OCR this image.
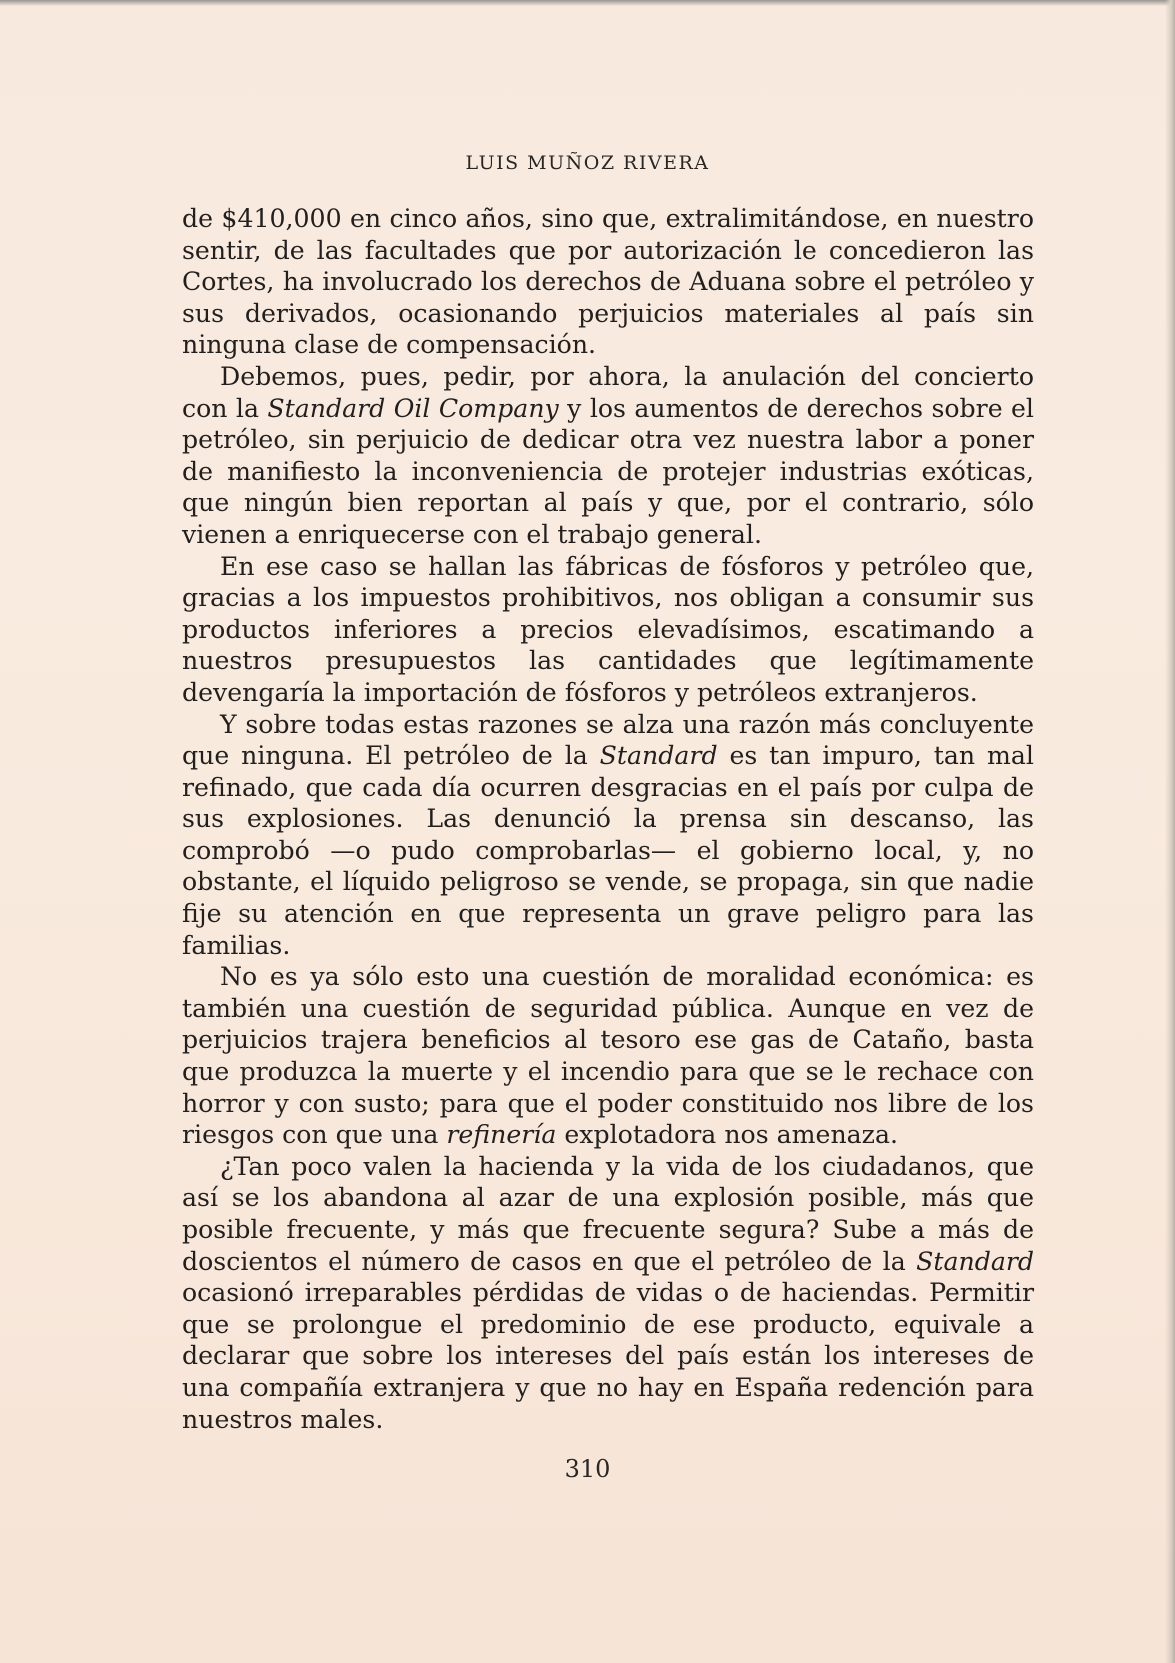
LUIS MUÑOZ RIVERA

de $410,000 en cinco años, sino que, extralimitándose, en nuestro sentir, de las facultades que por autorización le concedieron las Cortes, ha involucrado los derechos de Aduana sobre el petróleo y sus derivados, ocasionando perjuicios materiales al país sin ninguna clase de compensación.

Debemos, pues, pedir, por ahora, la anulación del concierto con la Standard Oil Company y los aumentos de derechos sobre el petróleo, sin perjuicio de dedicar otra vez nuestra labor a poner de manifiesto la inconveniencia de protejer industrias exóticas, que ningún bien reportan al país y que, por el contrario, sólo vienen a enriquecerse con el trabajo general.

En ese caso se hallan las fábricas de fósforos y petróleo que, gracias a los impuestos prohibitivos, nos obligan a consumir sus productos inferiores a precios elevadísimos, escatimando a nuestros presupuestos las cantidades que legítimamente devengaría la importación de fósforos y petróleos extranjeros.

Y sobre todas estas razones se alza una razón más concluyente que ninguna. El petróleo de la Standard es tan impuro, tan mal refinado, que cada día ocurren desgracias en el país por culpa de sus explosiones. Las denunció la prensa sin descanso, las comprobó —o pudo comprobarlas— el gobierno local, y, no obstante, el líquido peligroso se vende, se propaga, sin que nadie fije su atención en que representa un grave peligro para las familias.

No es ya sólo esto una cuestión de moralidad económica: es también una cuestión de seguridad pública. Aunque en vez de perjuicios trajera beneficios al tesoro ese gas de Cataño, basta que produzca la muerte y el incendio para que se le rechace con horror y con susto; para que el poder constituido nos libre de los riesgos con que una refinería explotadora nos amenaza.

¿Tan poco valen la hacienda y la vida de los ciudadanos, que así se los abandona al azar de una explosión posible, más que posible frecuente, y más que frecuente segura? Sube a más de doscientos el número de casos en que el petróleo de la Standard ocasionó irreparables pérdidas de vidas o de haciendas. Permitir que se prolongue el predominio de ese producto, equivale a declarar que sobre los intereses del país están los intereses de una compañía extranjera y que no hay en España redención para nuestros males.

310
